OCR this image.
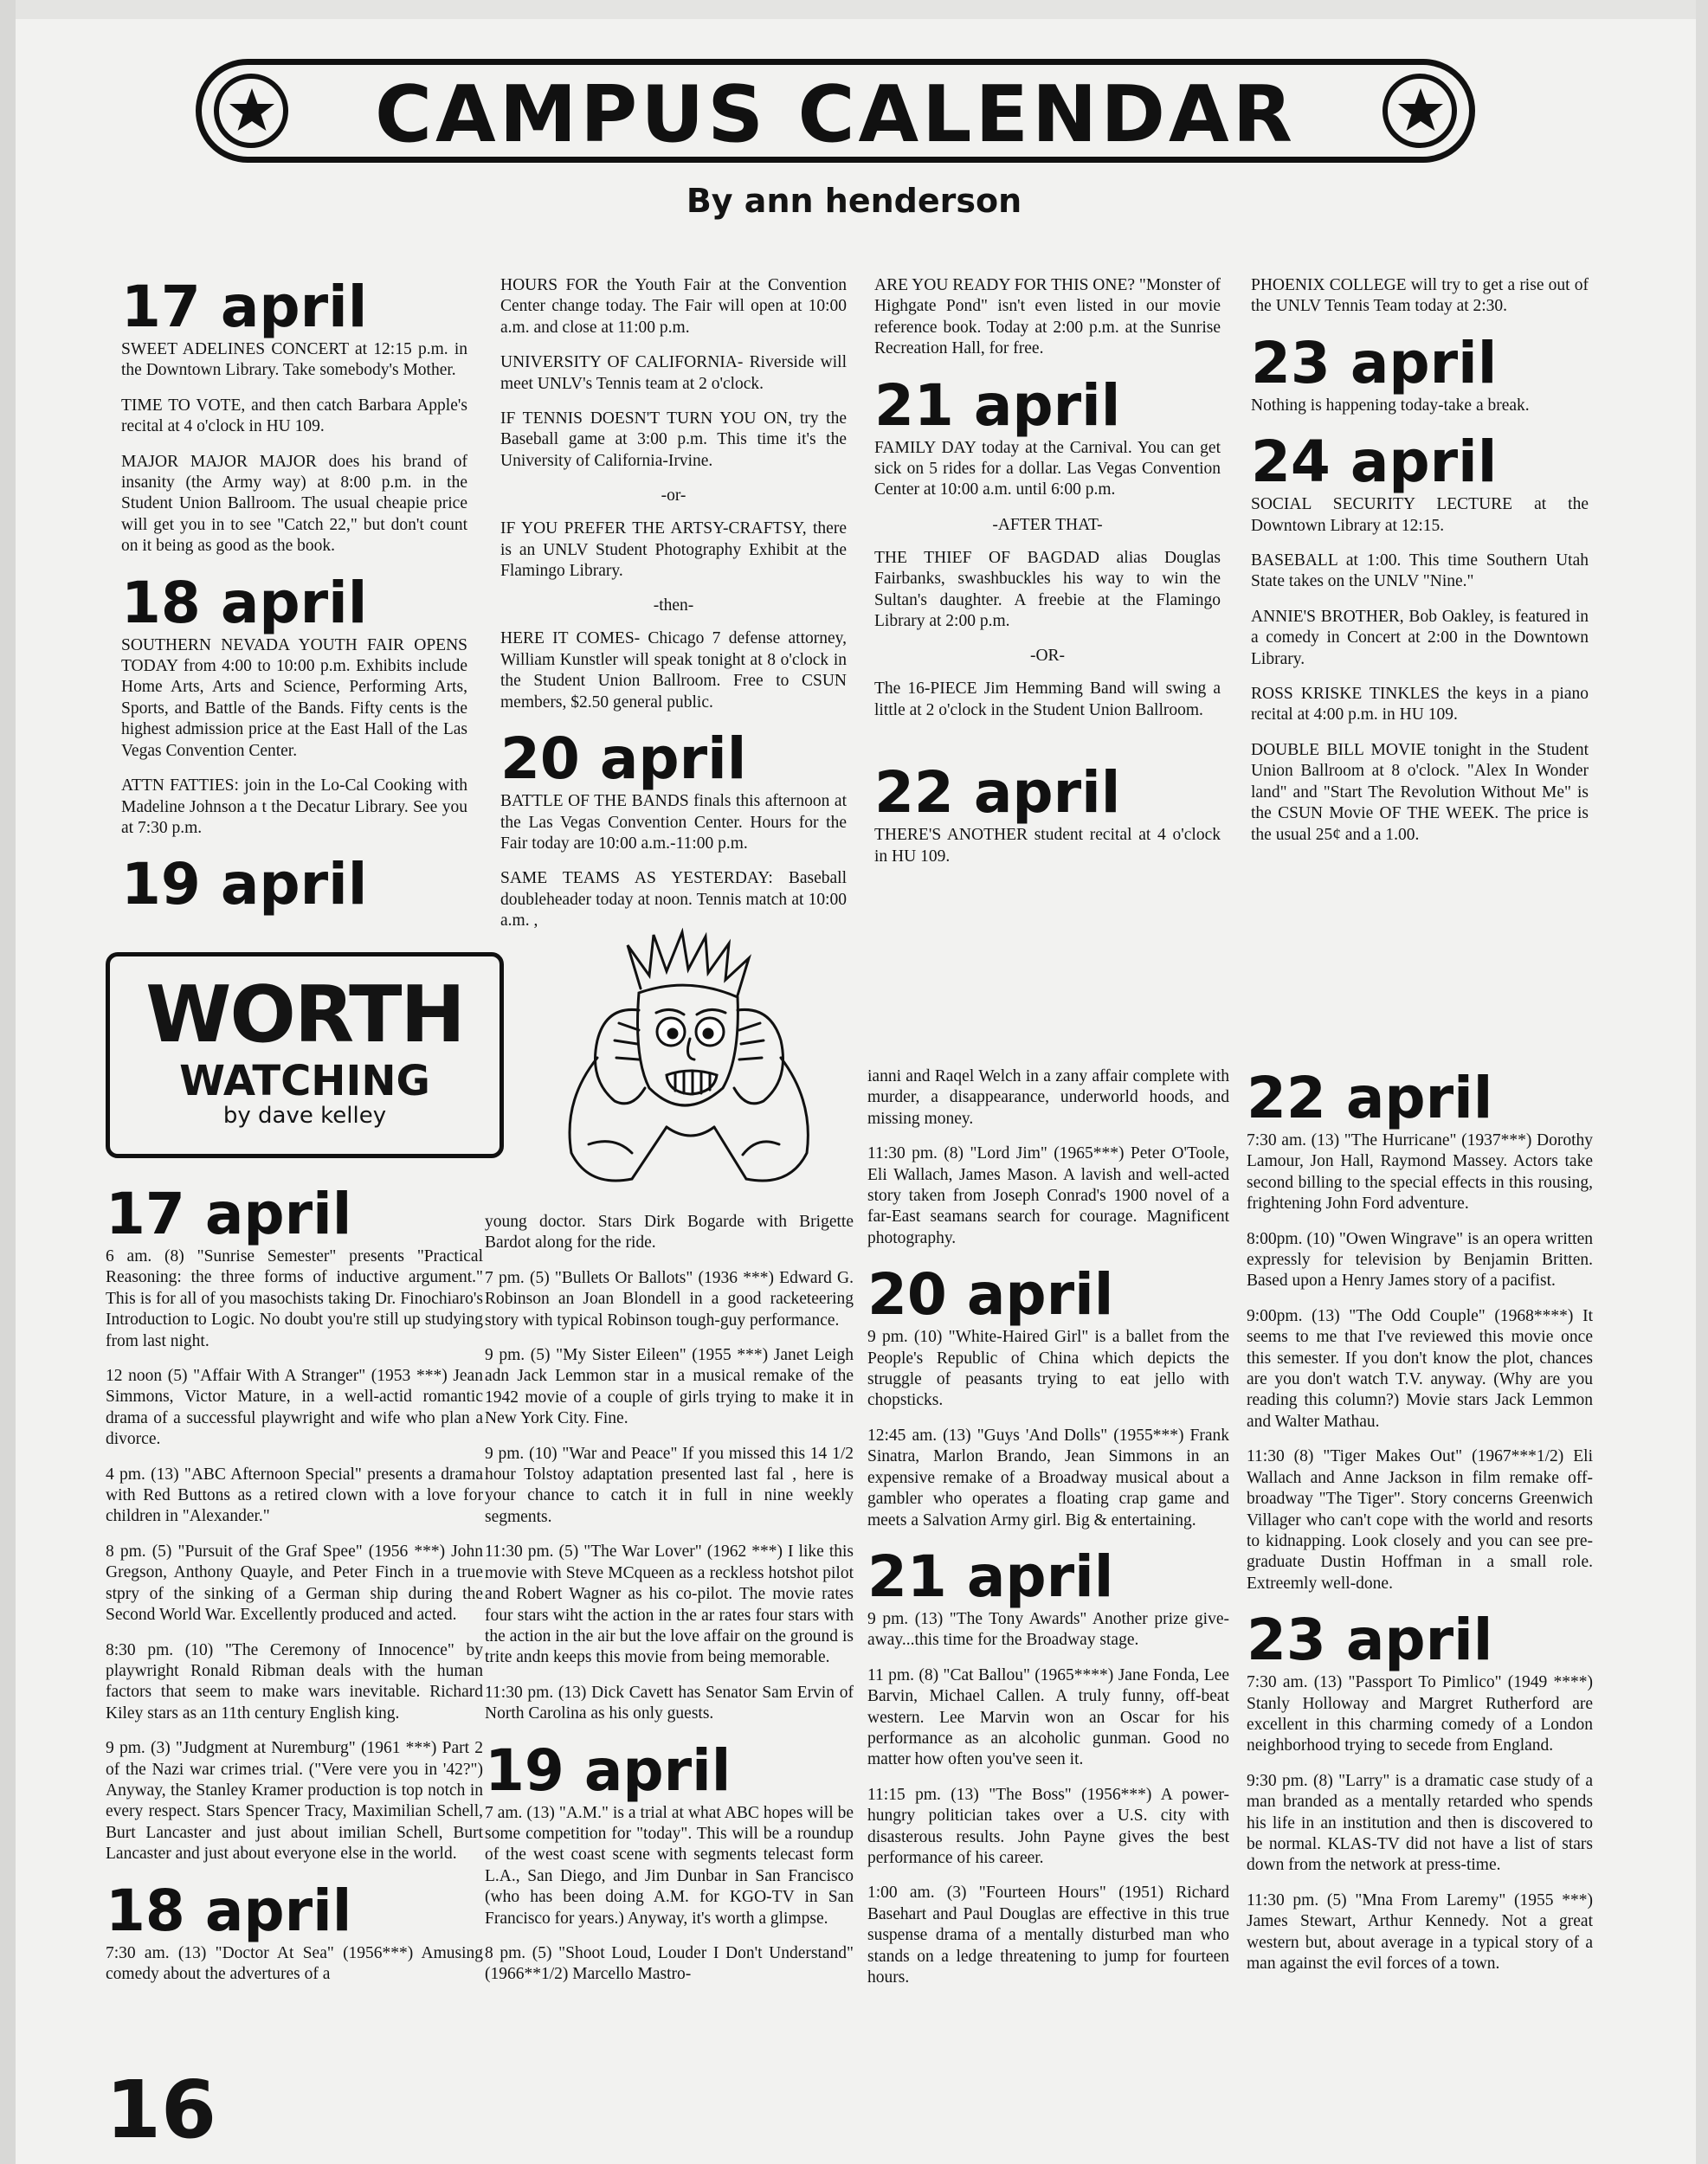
CAMPUS CALENDAR
By ann henderson
17 april

SWEET ADELINES CONCERT at 12:15 p.m. in the Downtown Library. Take somebody's Mother.

TIME TO VOTE, and then catch Barbara Apple's recital at 4 o'clock in HU 109.

MAJOR MAJOR MAJOR does his brand of insanity (the Army way) at 8:00 p.m. in the Student Union Ballroom. The usual cheapie price will get you in to see "Catch 22," but don't count on it being as good as the book.

18 april

SOUTHERN NEVADA YOUTH FAIR OPENS TODAY from 4:00 to 10:00 p.m. Exhibits include Home Arts, Arts and Science, Performing Arts, Sports, and Battle of the Bands. Fifty cents is the highest admission price at the East Hall of the Las Vegas Convention Center.

ATTN FATTIES: join in the Lo-Cal Cooking with Madeline Johnson a t the Decatur Library. See you at 7:30 p.m.

19 april

HOURS FOR the Youth Fair at the Convention Center change today. The Fair will open at 10:00 a.m. and close at 11:00 p.m.

UNIVERSITY OF CALIFORNIA- Riverside will meet UNLV's Tennis team at 2 o'clock.

IF TENNIS DOESN'T TURN YOU ON, try the Baseball game at 3:00 p.m. This time it's the University of California-Irvine.

-or-

IF YOU PREFER THE ARTSY-CRAFTSY, there is an UNLV Student Photography Exhibit at the Flamingo Library.

-then-

HERE IT COMES- Chicago 7 defense attorney, William Kunstler will speak tonight at 8 o'clock in the Student Union Ballroom. Free to CSUN members, $2.50 general public.

20 april

BATTLE OF THE BANDS finals this afternoon at the Las Vegas Convention Center. Hours for the Fair today are 10:00 a.m.-11:00 p.m.

SAME TEAMS AS YESTERDAY: Baseball doubleheader today at noon. Tennis match at 10:00 a.m. ,

ARE YOU READY FOR THIS ONE? "Monster of Highgate Pond" isn't even listed in our movie reference book. Today at 2:00 p.m. at the Sunrise Recreation Hall, for free.

21 april

FAMILY DAY today at the Carnival. You can get sick on 5 rides for a dollar. Las Vegas Convention Center at 10:00 a.m. until 6:00 p.m.

-AFTER THAT-

THE THIEF OF BAGDAD alias Douglas Fairbanks, swashbuckles his way to win the Sultan's daughter. A freebie at the Flamingo Library at 2:00 p.m.

-OR-

The 16-PIECE Jim Hemming Band will swing a little at 2 o'clock in the Student Union Ballroom.

22 april

THERE'S ANOTHER student recital at 4 o'clock in HU 109.

PHOENIX COLLEGE will try to get a rise out of the UNLV Tennis Team today at 2:30.

23 april

Nothing is happening today-take a break.

24 april

SOCIAL SECURITY LECTURE at the Downtown Library at 12:15.

BASEBALL at 1:00. This time Southern Utah State takes on the UNLV "Nine."

ANNIE'S BROTHER, Bob Oakley, is featured in a comedy in Concert at 2:00 in the Downtown Library.

ROSS KRISKE TINKLES the keys in a piano recital at 4:00 p.m. in HU 109.

DOUBLE BILL MOVIE tonight in the Student Union Ballroom at 8 o'clock. "Alex In Wonder land" and "Start The Revolution Without Me" is the CSUN Movie OF THE WEEK. The price is the usual 25¢ and a 1.00.

WORTH
WATCHING
by dave kelley
17 april

6 am. (8) "Sunrise Semester" presents "Practical Reasoning: the three forms of inductive argument." This is for all of you masochists taking Dr. Finochiaro's Introduction to Logic. No doubt you're still up studying from last night.

12 noon (5) "Affair With A Stranger" (1953 ***) Jean Simmons, Victor Mature, in a well-actid romantic drama of a successful playwright and wife who plan a divorce.

4 pm. (13) "ABC Afternoon Special" presents a drama with Red Buttons as a retired clown with a love for children in "Alexander."

8 pm. (5) "Pursuit of the Graf Spee" (1956 ***) John Gregson, Anthony Quayle, and Peter Finch in a true stpry of the sinking of a German ship during the Second World War. Excellently produced and acted.

8:30 pm. (10) "The Ceremony of Innocence" by playwright Ronald Ribman deals with the human factors that seem to make wars inevitable. Richard Kiley stars as an 11th century English king.

9 pm. (3) "Judgment at Nuremburg" (1961 ***) Part 2 of the Nazi war crimes trial. ("Vere vere you in '42?") Anyway, the Stanley Kramer production is top notch in every respect. Stars Spencer Tracy, Maximilian Schell, Burt Lancaster and just about imilian Schell, Burt Lancaster and just about everyone else in the world.

18 april

7:30 am. (13) "Doctor At Sea" (1956***) Amusing comedy about the advertures of a

young doctor. Stars Dirk Bogarde with Brigette Bardot along for the ride.

7 pm. (5) "Bullets Or Ballots" (1936 ***) Edward G. Robinson an Joan Blondell in a good racketeering story with typical Robinson tough-guy performance.

9 pm. (5) "My Sister Eileen" (1955 ***) Janet Leigh adn Jack Lemmon star in a musical remake of the 1942 movie of a couple of girls trying to make it in New York City. Fine.

9 pm. (10) "War and Peace" If you missed this 14 1/2 hour Tolstoy adaptation presented last fal , here is your chance to catch it in full in nine weekly segments.

11:30 pm. (5) "The War Lover" (1962 ***) I like this movie with Steve MCqueen as a reckless hotshot pilot and Robert Wagner as his co-pilot. The movie rates four stars wiht the action in the ar rates four stars with the action in the air but the love affair on the ground is trite andn keeps this movie from being memorable.

11:30 pm. (13) Dick Cavett has Senator Sam Ervin of North Carolina as his only guests.

19 april

7 am. (13) "A.M." is a trial at what ABC hopes will be some competition for "today". This will be a roundup of the west coast scene with segments telecast form L.A., San Diego, and Jim Dunbar in San Francisco (who has been doing A.M. for KGO-TV in San Francisco for years.) Anyway, it's worth a glimpse.

8 pm. (5) "Shoot Loud, Louder I Don't Understand" (1966**1/2) Marcello Mastro-

ianni and Raqel Welch in a zany affair complete with murder, a disappearance, underworld hoods, and missing money.

11:30 pm. (8) "Lord Jim" (1965***) Peter O'Toole, Eli Wallach, James Mason. A lavish and well-acted story taken from Joseph Conrad's 1900 novel of a far-East seamans search for courage. Magnificent photography.

20 april

9 pm. (10) "White-Haired Girl" is a ballet from the People's Republic of China which depicts the struggle of peasants trying to eat jello with chopsticks.

12:45 am. (13) "Guys 'And Dolls" (1955***) Frank Sinatra, Marlon Brando, Jean Simmons in an expensive remake of a Broadway musical about a gambler who operates a floating crap game and meets a Salvation Army girl. Big & entertaining.

21 april

9 pm. (13) "The Tony Awards" Another prize give-away...this time for the Broadway stage.

11 pm. (8) "Cat Ballou" (1965****) Jane Fonda, Lee Barvin, Michael Callen. A truly funny, off-beat western. Lee Marvin won an Oscar for his performance as an alcoholic gunman. Good no matter how often you've seen it.

11:15 pm. (13) "The Boss" (1956***) A power-hungry politician takes over a U.S. city with disasterous results. John Payne gives the best performance of his career.

1:00 am. (3) "Fourteen Hours" (1951) Richard Basehart and Paul Douglas are effective in this true suspense drama of a mentally disturbed man who stands on a ledge threatening to jump for fourteen hours.

22 april

7:30 am. (13) "The Hurricane" (1937***) Dorothy Lamour, Jon Hall, Raymond Massey. Actors take second billing to the special effects in this rousing, frightening John Ford adventure.

8:00pm. (10) "Owen Wingrave" is an opera written expressly for television by Benjamin Britten. Based upon a Henry James story of a pacifist.

9:00pm. (13) "The Odd Couple" (1968****) It seems to me that I've reviewed this movie once this semester. If you don't know the plot, chances are you don't watch T.V. anyway. (Why are you reading this column?) Movie stars Jack Lemmon and Walter Mathau.

11:30 (8) "Tiger Makes Out" (1967***1/2) Eli Wallach and Anne Jackson in film remake off-broadway "The Tiger". Story concerns Greenwich Villager who can't cope with the world and resorts to kidnapping. Look closely and you can see pre-graduate Dustin Hoffman in a small role. Extreemly well-done.

23 april

7:30 am. (13) "Passport To Pimlico" (1949 ****) Stanly Holloway and Margret Rutherford are excellent in this charming comedy of a London neighborhood trying to secede from England.

9:30 pm. (8) "Larry" is a dramatic case study of a man branded as a mentally retarded who spends his life in an institution and then is discovered to be normal. KLAS-TV did not have a list of stars down from the network at press-time.

11:30 pm. (5) "Mna From Laremy" (1955 ***) James Stewart, Arthur Kennedy. Not a great western but, about average in a typical story of a man against the evil forces of a town.

16
